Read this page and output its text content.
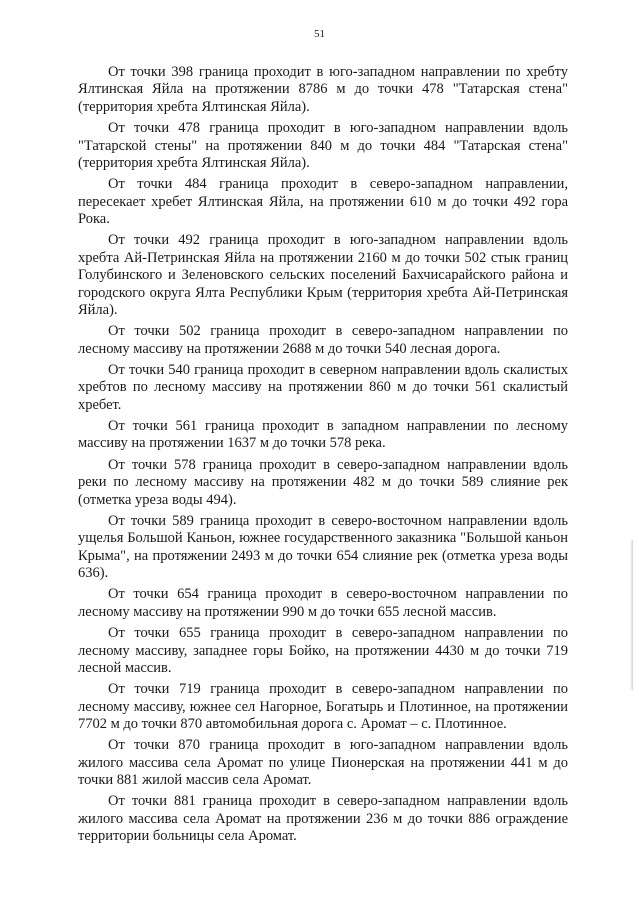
51

От точки 398 граница проходит в юго-западном направлении по хребту Ялтинская Яйла на протяжении 8786 м до точки 478 "Татарская стена" (территория хребта Ялтинская Яйла).

От точки 478 граница проходит в юго-западном направлении вдоль "Татарской стены" на протяжении 840 м до точки 484 "Татарская стена" (территория хребта Ялтинская Яйла).

От точки 484 граница проходит в северо-западном направлении, пересекает хребет Ялтинская Яйла, на протяжении 610 м до точки 492 гора Рока.

От точки 492 граница проходит в юго-западном направлении вдоль хребта Ай-Петринская Яйла на протяжении 2160 м до точки 502 стык границ Голубинского и Зеленовского сельских поселений Бахчисарайского района и городского округа Ялта Республики Крым (территория хребта Ай-Петринская Яйла).

От точки 502 граница проходит в северо-западном направлении по лесному массиву на протяжении 2688 м до точки 540 лесная дорога.

От точки 540 граница проходит в северном направлении вдоль скалистых хребтов по лесному массиву на протяжении 860 м до точки 561 скалистый хребет.

От точки 561 граница проходит в западном направлении по лесному массиву на протяжении 1637 м до точки 578 река.

От точки 578 граница проходит в северо-западном направлении вдоль реки по лесному массиву на протяжении 482 м до точки 589 слияние рек (отметка уреза воды 494).

От точки 589 граница проходит в северо-восточном направлении вдоль ущелья Большой Каньон, южнее государственного заказника "Большой каньон Крыма", на протяжении 2493 м до точки 654 слияние рек (отметка уреза воды 636).

От точки 654 граница проходит в северо-восточном направлении по лесному массиву на протяжении 990 м до точки 655 лесной массив.

От точки 655 граница проходит в северо-западном направлении по лесному массиву, западнее горы Бойко, на протяжении 4430 м до точки 719 лесной массив.

От точки 719 граница проходит в северо-западном направлении по лесному массиву, южнее сел Нагорное, Богатырь и Плотинное, на протяжении 7702 м до точки 870 автомобильная дорога с. Аромат – с. Плотинное.

От точки 870 граница проходит в юго-западном направлении вдоль жилого массива села Аромат по улице Пионерская на протяжении 441 м до точки 881 жилой массив села Аромат.

От точки 881 граница проходит в северо-западном направлении вдоль жилого массива села Аромат на протяжении 236 м до точки 886 ограждение территории больницы села Аромат.
